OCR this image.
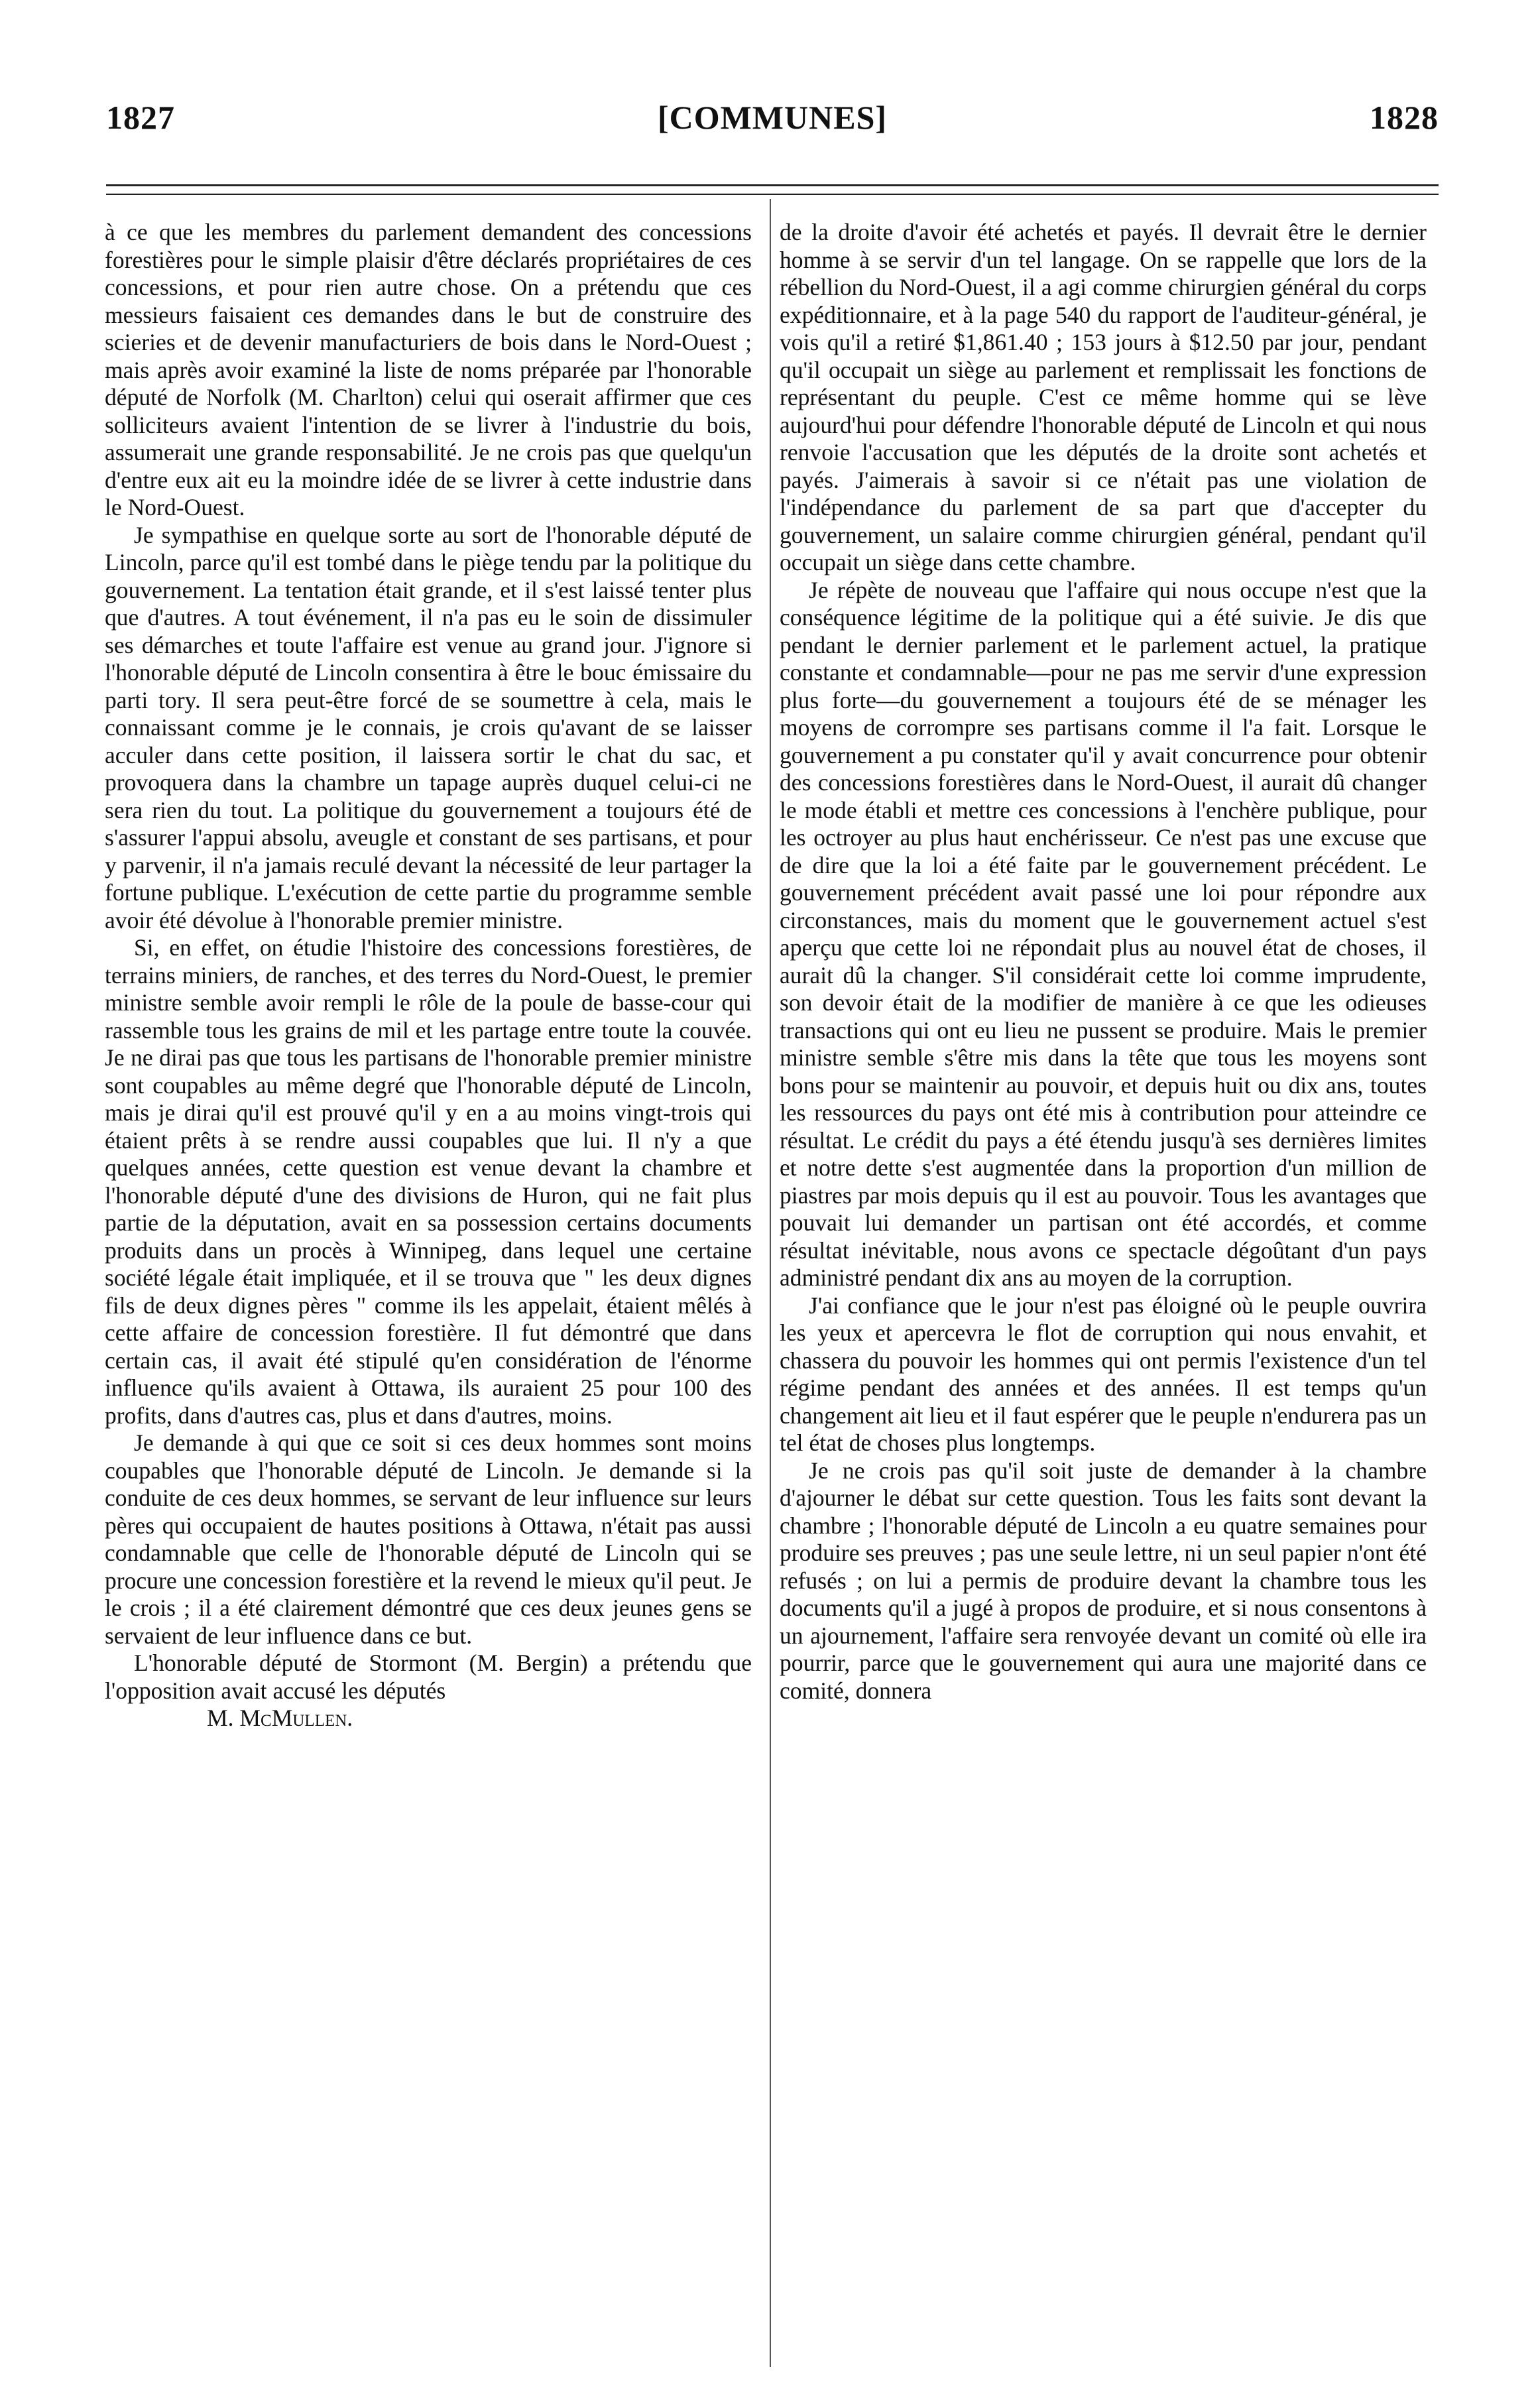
1827	[COMMUNES]	1828

à ce que les membres du parlement demandent des concessions forestières pour le simple plaisir d'être déclarés propriétaires de ces concessions, et pour rien autre chose. On a prétendu que ces messieurs faisaient ces demandes dans le but de construire des scieries et de devenir manufacturiers de bois dans le Nord-Ouest ; mais après avoir examiné la liste de noms préparée par l'honorable député de Norfolk (M. Charlton) celui qui oserait affirmer que ces solliciteurs avaient l'intention de se livrer à l'industrie du bois, assumerait une grande responsabilité. Je ne crois pas que quelqu'un d'entre eux ait eu la moindre idée de se livrer à cette industrie dans le Nord-Ouest.

Je sympathise en quelque sorte au sort de l'honorable député de Lincoln, parce qu'il est tombé dans le piège tendu par la politique du gouvernement. La tentation était grande, et il s'est laissé tenter plus que d'autres. A tout événement, il n'a pas eu le soin de dissimuler ses démarches et toute l'affaire est venue au grand jour. J'ignore si l'honorable député de Lincoln consentira à être le bouc émissaire du parti tory. Il sera peut-être forcé de se soumettre à cela, mais le connaissant comme je le connais, je crois qu'avant de se laisser acculer dans cette position, il laissera sortir le chat du sac, et provoquera dans la chambre un tapage auprès duquel celui-ci ne sera rien du tout. La politique du gouvernement a toujours été de s'assurer l'appui absolu, aveugle et constant de ses partisans, et pour y parvenir, il n'a jamais reculé devant la nécessité de leur partager la fortune publique. L'exécution de cette partie du programme semble avoir été dévolue à l'honorable premier ministre.

Si, en effet, on étudie l'histoire des concessions forestières, de terrains miniers, de ranches, et des terres du Nord-Ouest, le premier ministre semble avoir rempli le rôle de la poule de basse-cour qui rassemble tous les grains de mil et les partage entre toute la couvée. Je ne dirai pas que tous les partisans de l'honorable premier ministre sont coupables au même degré que l'honorable député de Lincoln, mais je dirai qu'il est prouvé qu'il y en a au moins vingt-trois qui étaient prêts à se rendre aussi coupables que lui. Il n'y a que quelques années, cette question est venue devant la chambre et l'honorable député d'une des divisions de Huron, qui ne fait plus partie de la députation, avait en sa possession certains documents produits dans un procès à Winnipeg, dans lequel une certaine société légale était impliquée, et il se trouva que " les deux dignes fils de deux dignes pères " comme ils les appelait, étaient mêlés à cette affaire de concession forestière. Il fut démontré que dans certain cas, il avait été stipulé qu'en considération de l'énorme influence qu'ils avaient à Ottawa, ils auraient 25 pour 100 des profits, dans d'autres cas, plus et dans d'autres, moins.

Je demande à qui que ce soit si ces deux hommes sont moins coupables que l'honorable député de Lincoln. Je demande si la conduite de ces deux hommes, se servant de leur influence sur leurs pères qui occupaient de hautes positions à Ottawa, n'était pas aussi condamnable que celle de l'honorable député de Lincoln qui se procure une concession forestière et la revend le mieux qu'il peut. Je le crois ; il a été clairement démontré que ces deux jeunes gens se servaient de leur influence dans ce but.

L'honorable député de Stormont (M. Bergin) a prétendu que l'opposition avait accusé les députés

M. McMullen.

de la droite d'avoir été achetés et payés. Il devrait être le dernier homme à se servir d'un tel langage. On se rappelle que lors de la rébellion du Nord-Ouest, il a agi comme chirurgien général du corps expéditionnaire, et à la page 540 du rapport de l'auditeur-général, je vois qu'il a retiré $1,861.40 ; 153 jours à $12.50 par jour, pendant qu'il occupait un siège au parlement et remplissait les fonctions de représentant du peuple. C'est ce même homme qui se lève aujourd'hui pour défendre l'honorable député de Lincoln et qui nous renvoie l'accusation que les députés de la droite sont achetés et payés. J'aimerais à savoir si ce n'était pas une violation de l'indépendance du parlement de sa part que d'accepter du gouvernement, un salaire comme chirurgien général, pendant qu'il occupait un siège dans cette chambre.

Je répète de nouveau que l'affaire qui nous occupe n'est que la conséquence légitime de la politique qui a été suivie. Je dis que pendant le dernier parlement et le parlement actuel, la pratique constante et condamnable—pour ne pas me servir d'une expression plus forte—du gouvernement a toujours été de se ménager les moyens de corrompre ses partisans comme il l'a fait. Lorsque le gouvernement a pu constater qu'il y avait concurrence pour obtenir des concessions forestières dans le Nord-Ouest, il aurait dû changer le mode établi et mettre ces concessions à l'enchère publique, pour les octroyer au plus haut enchérisseur. Ce n'est pas une excuse que de dire que la loi a été faite par le gouvernement précédent. Le gouvernement précédent avait passé une loi pour répondre aux circonstances, mais du moment que le gouvernement actuel s'est aperçu que cette loi ne répondait plus au nouvel état de choses, il aurait dû la changer. S'il considérait cette loi comme imprudente, son devoir était de la modifier de manière à ce que les odieuses transactions qui ont eu lieu ne pussent se produire. Mais le premier ministre semble s'être mis dans la tête que tous les moyens sont bons pour se maintenir au pouvoir, et depuis huit ou dix ans, toutes les ressources du pays ont été mis à contribution pour atteindre ce résultat. Le crédit du pays a été étendu jusqu'à ses dernières limites et notre dette s'est augmentée dans la proportion d'un million de piastres par mois depuis qu il est au pouvoir. Tous les avantages que pouvait lui demander un partisan ont été accordés, et comme résultat inévitable, nous avons ce spectacle dégoûtant d'un pays administré pendant dix ans au moyen de la corruption.

J'ai confiance que le jour n'est pas éloigné où le peuple ouvrira les yeux et apercevra le flot de corruption qui nous envahit, et chassera du pouvoir les hommes qui ont permis l'existence d'un tel régime pendant des années et des années. Il est temps qu'un changement ait lieu et il faut espérer que le peuple n'endurera pas un tel état de choses plus longtemps.

Je ne crois pas qu'il soit juste de demander à la chambre d'ajourner le débat sur cette question. Tous les faits sont devant la chambre ; l'honorable député de Lincoln a eu quatre semaines pour produire ses preuves ; pas une seule lettre, ni un seul papier n'ont été refusés ; on lui a permis de produire devant la chambre tous les documents qu'il a jugé à propos de produire, et si nous consentons à un ajournement, l'affaire sera renvoyée devant un comité où elle ira pourrir, parce que le gouvernement qui aura une majorité dans ce comité, donnera
